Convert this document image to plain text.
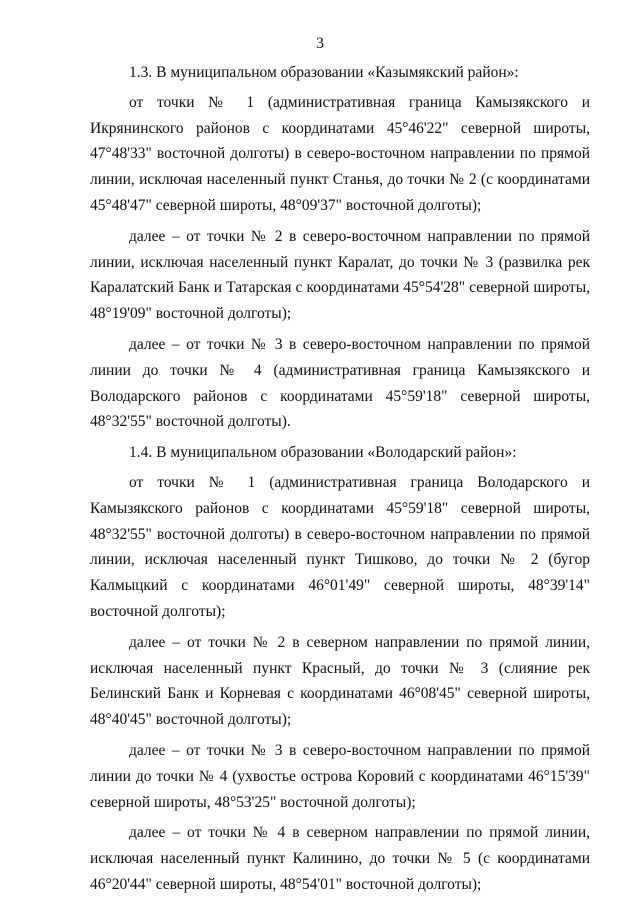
3

1.3. В муниципальном образовании «Казымякский район»:

от точки № 1 (административная граница Камызякского и Икрянинского районов с координатами 45°46'22" северной широты, 47°48'33" восточной долготы) в северо-восточном направлении по прямой линии, исключая населенный пункт Станья, до точки № 2 (с координатами 45°48'47" северной широты, 48°09'37" восточной долготы);

далее – от точки № 2 в северо-восточном направлении по прямой линии, исключая населенный пункт Каралат, до точки № 3 (развилка рек Каралатский Банк и Татарская с координатами 45°54'28" северной широты, 48°19'09" восточной долготы);

далее – от точки № 3 в северо-восточном направлении по прямой линии до точки № 4 (административная граница Камызякского и Володарского районов с координатами 45°59'18" северной широты, 48°32'55" восточной долготы).

1.4. В муниципальном образовании «Володарский район»:

от точки № 1 (административная граница Володарского и Камызякского районов с координатами 45°59'18" северной широты, 48°32'55" восточной долготы) в северо-восточном направлении по прямой линии, исключая населенный пункт Тишково, до точки № 2 (бугор Калмыцкий с координатами 46°01'49" северной широты, 48°39'14" восточной долготы);

далее – от точки № 2 в северном направлении по прямой линии, исключая населенный пункт Красный, до точки № 3 (слияние рек Белинский Банк и Корневая с координатами 46°08'45" северной широты, 48°40'45" восточной долготы);

далее – от точки № 3 в северо-восточном направлении по прямой линии до точки № 4 (ухвостье острова Коровий с координатами 46°15'39" северной широты, 48°53'25" восточной долготы);

далее – от точки № 4 в северном направлении по прямой линии, исключая населенный пункт Калинино, до точки № 5 (с координатами 46°20'44" северной широты, 48°54'01" восточной долготы);
